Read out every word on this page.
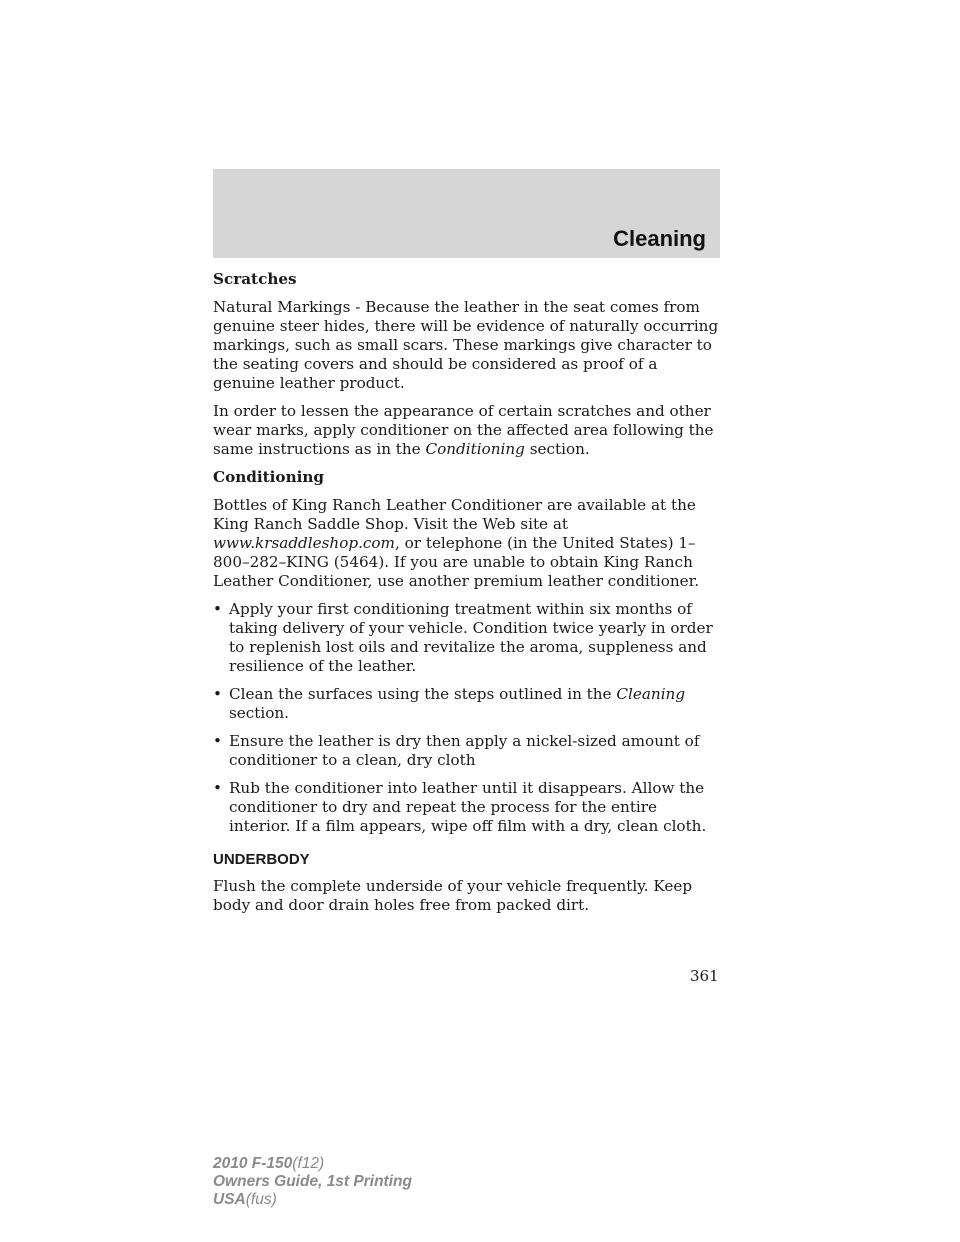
Cleaning

Scratches

Natural Markings - Because the leather in the seat comes from genuine steer hides, there will be evidence of naturally occurring markings, such as small scars. These markings give character to the seating covers and should be considered as proof of a genuine leather product.

In order to lessen the appearance of certain scratches and other wear marks, apply conditioner on the affected area following the same instructions as in the Conditioning section.

Conditioning

Bottles of King Ranch Leather Conditioner are available at the King Ranch Saddle Shop. Visit the Web site at www.krsaddleshop.com, or telephone (in the United States) 1–800–282–KING (5464). If you are unable to obtain King Ranch Leather Conditioner, use another premium leather conditioner.

• Apply your first conditioning treatment within six months of taking delivery of your vehicle. Condition twice yearly in order to replenish lost oils and revitalize the aroma, suppleness and resilience of the leather.
• Clean the surfaces using the steps outlined in the Cleaning section.
• Ensure the leather is dry then apply a nickel-sized amount of conditioner to a clean, dry cloth
• Rub the conditioner into leather until it disappears. Allow the conditioner to dry and repeat the process for the entire interior. If a film appears, wipe off film with a dry, clean cloth.
UNDERBODY

Flush the complete underside of your vehicle frequently. Keep body and door drain holes free from packed dirt.

361
2010 F-150(f12)
Owners Guide, 1st Printing
USA(fus)
